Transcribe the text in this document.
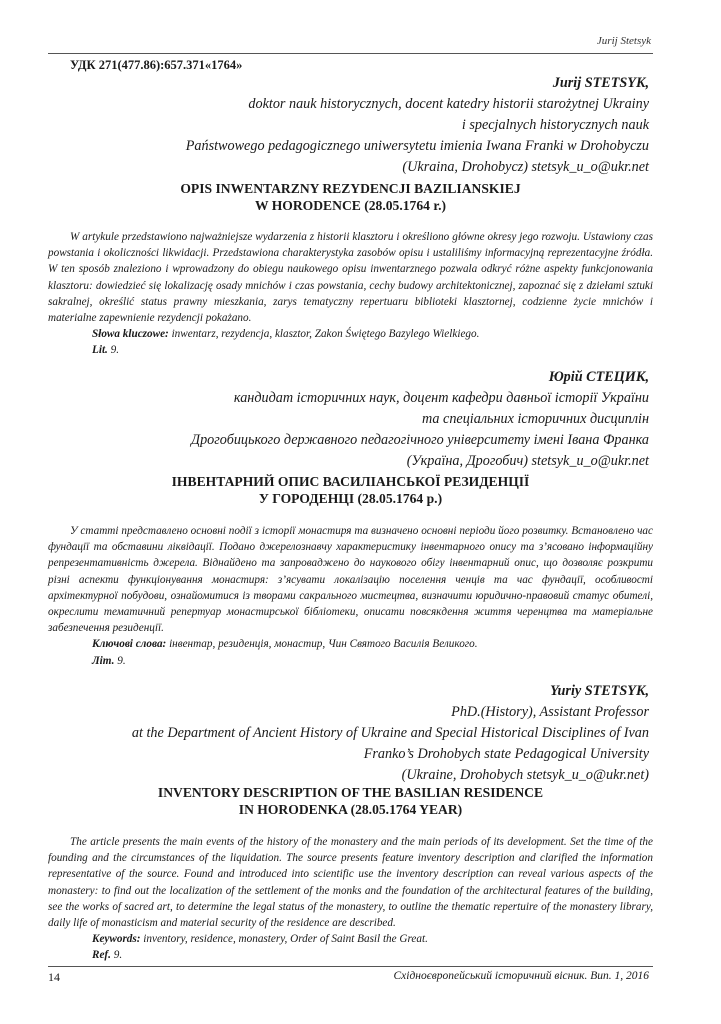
Jurij Stetsyk
УДК 271(477.86):657.371«1764»
Jurij STETSYK,
doktor nauk historycznych, docent katedry historii starożytnej Ukrainy
i specjalnych historycznych nauk
Państwowego pedagogicznego uniwersytetu imienia Iwana Franki w Drohobyczu
(Ukraina, Drohobycz) stetsyk_u_o@ukr.net
OPIS INWENTARZNY REZYDENCJI BAZILIANSKIEJ
W HORODENCE (28.05.1764 r.)

W artykule przedstawiono najważniejsze wydarzenia z historii klasztoru i określiono główne okresy jego rozwoju. Ustawiony czas powstania i okoliczności likwidacji. Przedstawiona charakterystyka zasobów opisu i ustaliliśmy informacyjną reprezentacyjne źródła. W ten sposób znaleziono i wprowadzony do obiegu naukowego opisu inwentarznego pozwala odkryć różne aspekty funkcjonowania klasztoru: dowiedzieć się lokalizację osady mnichów i czas powstania, cechy budowy architektonicznej, zapoznać się z dziełami sztuki sakralnej, określić status prawny mieszkania, zarys tematyczny repertuaru biblioteki klasztornej, codzienne życie mnichów i materialne zapewnienie rezydencji pokażano.

Słowa kluczowe: inwentarz, rezydencja, klasztor, Zakon Świętego Bazylego Wielkiego.

Lit. 9.

Юрій СТЕЦИК,
кандидат історичних наук, доцент кафедри давньої історії України
та спеціальних історичних дисциплін
Дрогобицького державного педагогічного університету імені Івана Франка
(Україна, Дрогобич) stetsyk_u_o@ukr.net
ІНВЕНТАРНИЙ ОПИС ВАСИЛІАНСЬКОЇ РЕЗИДЕНЦІЇ
У ГОРОДЕНЦІ (28.05.1764 р.)

У статті представлено основні події з історії монастиря та визначено основні періоди його розвитку. Встановлено час фундації та обставини ліквідації. Подано джерелознавчу характеристику інвентарного опису та з’ясовано інформаційну репрезентативність джерела. Віднайдено та запроваджено до наукового обігу інвентарний опис, що дозволяє розкрити різні аспекти функціонування монастиря: з’ясувати локалізацію поселення ченців та час фундації, особливості архітектурної побудови, ознайомитися із творами сакрального мистецтва, визначити юридично-правовий статус обителі, окреслити тематичний репертуар монастирської бібліотеки, описати повсякдення життя черенцтва та матеріальне забезпечення резиденції.

Ключові слова: інвентар, резиденція, монастир, Чин Святого Василія Великого.

Літ. 9.

Yuriy STETSYK,
PhD.(History), Assistant Professor
at the Department of Ancient History of Ukraine and Special Historical Disciplines of Ivan
Franko’s Drohobych state Pedagogical University
(Ukraine, Drohobych stetsyk_u_o@ukr.net)
INVENTORY DESCRIPTION OF THE BASILIAN RESIDENCE
IN HORODENKA (28.05.1764 YEAR)

The article presents the main events of the history of the monastery and the main periods of its development. Set the time of the founding and the circumstances of the liquidation. The source presents feature inventory description and clarified the information representative of the source. Found and introduced into scientific use the inventory description can reveal various aspects of the monastery: to find out the localization of the settlement of the monks and the foundation of the architectural features of the building, see the works of sacred art, to determine the legal status of the monastery, to outline the thematic repertuire of the monastery library, daily life of monasticism and material security of the residence are described.

Keywords: inventory, residence, monastery, Order of Saint Basil the Great.

Ref. 9.

14	Східноєвропейський історичний вісник. Вип. 1, 2016
